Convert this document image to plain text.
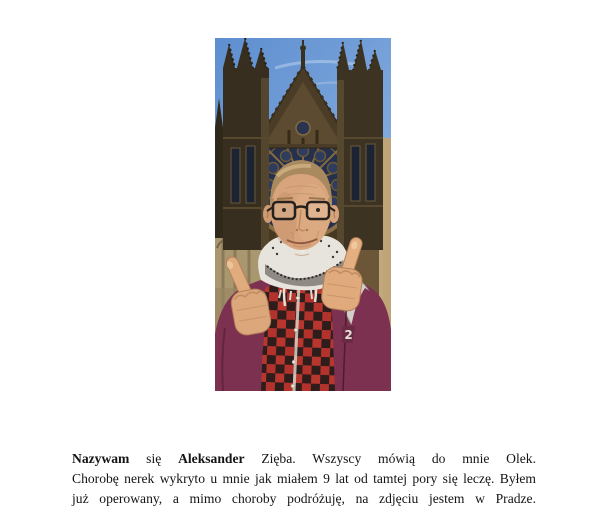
2
Nazywam się Aleksander Zięba. Wszyscy mówią do mnie Olek.
Chorobę nerek wykryto u mnie jak miałem 9 lat od tamtej pory się leczę. Byłem
już operowany, a mimo choroby podróżuję, na zdjęciu jestem w Pradze.
